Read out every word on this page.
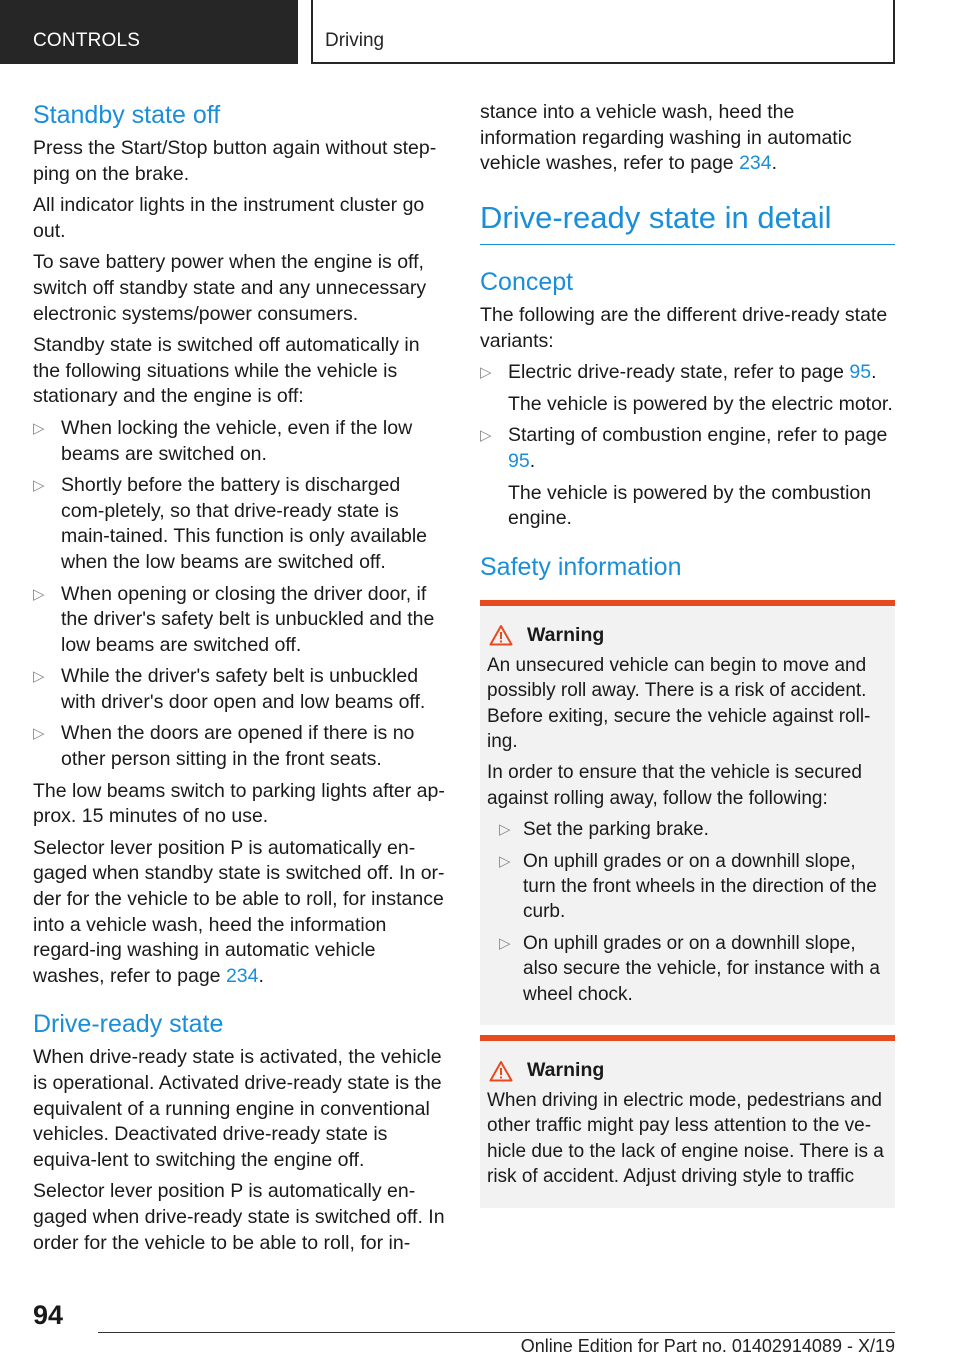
CONTROLS	Driving
Standby state off

Press the Start/Stop button again without step‐ping on the brake.

All indicator lights in the instrument cluster go out.

To save battery power when the engine is off, switch off standby state and any unnecessary electronic systems/power consumers.

Standby state is switched off automatically in the following situations while the vehicle is stationary and the engine is off:

▷ When locking the vehicle, even if the low beams are switched on.
▷ Shortly before the battery is discharged com‐pletely, so that drive-ready state is main‐tained. This function is only available when the low beams are switched off.
▷ When opening or closing the driver door, if the driver's safety belt is unbuckled and the low beams are switched off.
▷ While the driver's safety belt is unbuckled with driver's door open and low beams off.
▷ When the doors are opened if there is no other person sitting in the front seats.

The low beams switch to parking lights after ap‐prox. 15 minutes of no use.

Selector lever position P is automatically en‐gaged when standby state is switched off. In or‐der for the vehicle to be able to roll, for instance into a vehicle wash, heed the information regard‐ing washing in automatic vehicle washes, refer to page 234.

Drive-ready state

When drive-ready state is activated, the vehicle is operational. Activated drive-ready state is the equivalent of a running engine in conventional vehicles. Deactivated drive-ready state is equiva‐lent to switching the engine off.

Selector lever position P is automatically en‐gaged when drive-ready state is switched off. In order for the vehicle to be able to roll, for in‐

stance into a vehicle wash, heed the information regarding washing in automatic vehicle washes, refer to page 234.

Drive-ready state in detail
Concept

The following are the different drive-ready state variants:

▷ Electric drive-ready state, refer to page 95.
The vehicle is powered by the electric motor.
▷ Starting of combustion engine, refer to page 95.
The vehicle is powered by the combustion engine.
Safety information
Warning

An unsecured vehicle can begin to move and possibly roll away. There is a risk of accident. Before exiting, secure the vehicle against roll‐ing.

In order to ensure that the vehicle is secured against rolling away, follow the following:

▷ Set the parking brake.
▷ On uphill grades or on a downhill slope, turn the front wheels in the direction of the curb.
▷ On uphill grades or on a downhill slope, also secure the vehicle, for instance with a wheel chock.
Warning

When driving in electric mode, pedestrians and other traffic might pay less attention to the ve‐hicle due to the lack of engine noise. There is a risk of accident. Adjust driving style to traffic

94
Online Edition for Part no. 01402914089 - X/19
